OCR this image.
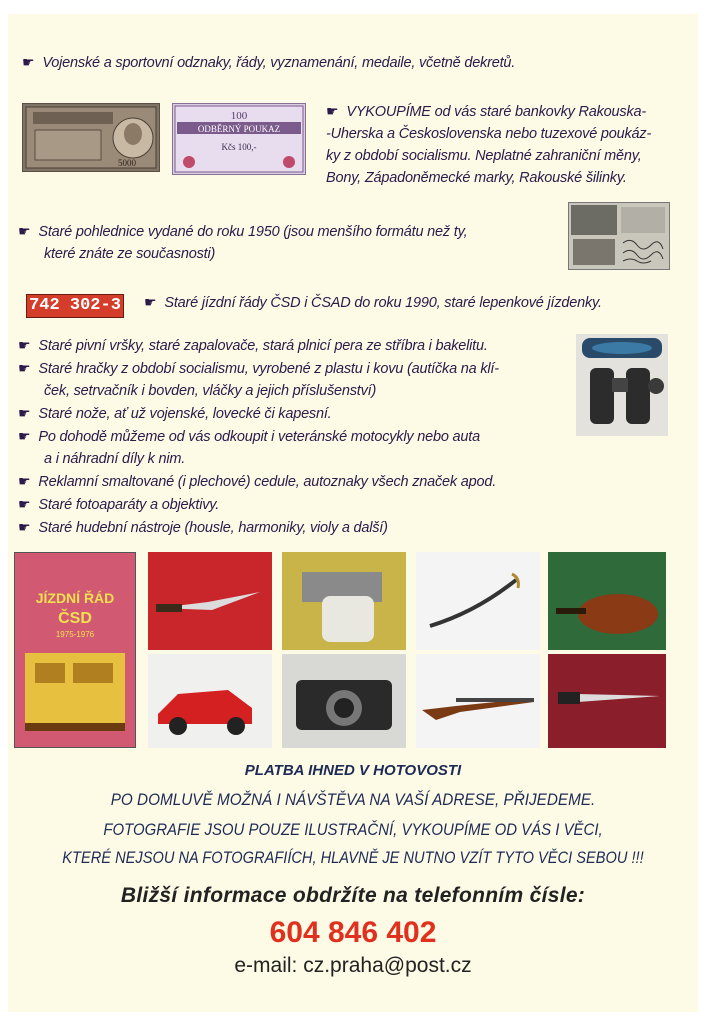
☛ Vojenské a sportovní odznaky, řády, vyznamenání, medaile, včetně dekretů.
5000
100
ODBĚRNÝ POUKAZ
Kčs 100,-
☛ VYKOUPÍME od vás staré bankovky Rakouska-
-Uherska a Československa nebo tuzexové poukáz-
ky z období socialismu. Neplatné zahraniční měny,
Bony, Západoněmecké marky, Rakouské šilinky.
☛ Staré pohlednice vydané do roku 1950 (jsou menšího formátu než ty,
které znáte ze současnosti)
742 302-3 ☛ Staré jízdní řády ČSD i ČSAD do roku 1990, staré lepenkové jízdenky.
☛ Staré pivní vršky, staré zapalovače, stará plnicí pera ze stříbra i bakelitu.
☛ Staré hračky z období socialismu, vyrobené z plastu i kovu (autíčka na klí-
ček, setrvačník i bovden, vláčky a jejich příslušenství)
☛ Staré nože, ať už vojenské, lovecké či kapesní.
☛ Po dohodě můžeme od vás odkoupit i veteránské motocykly nebo auta
a i náhradní díly k nim.
☛ Reklamní smaltované (i plechové) cedule, autoznaky všech značek apod.
☛ Staré fotoaparáty a objektivy.
☛ Staré hudební nástroje (housle, harmoniky, violy a další)
JÍZDNÍ ŘÁD
ČSD
1975-1976
PLATBA IHNED V HOTOVOSTI
PO DOMLUVĚ MOŽNÁ I NÁVŠTĚVA NA VAŠÍ ADRESE, PŘIJEDEME.
FOTOGRAFIE JSOU POUZE ILUSTRAČNÍ, VYKOUPÍME OD VÁS I VĚCI,
KTERÉ NEJSOU NA FOTOGRAFIÍCH, HLAVNĚ JE NUTNO VZÍT TYTO VĚCI SEBOU !!!
Bližší informace obdržíte na telefonním čísle:
604 846 402
e-mail: cz.praha@post.cz
